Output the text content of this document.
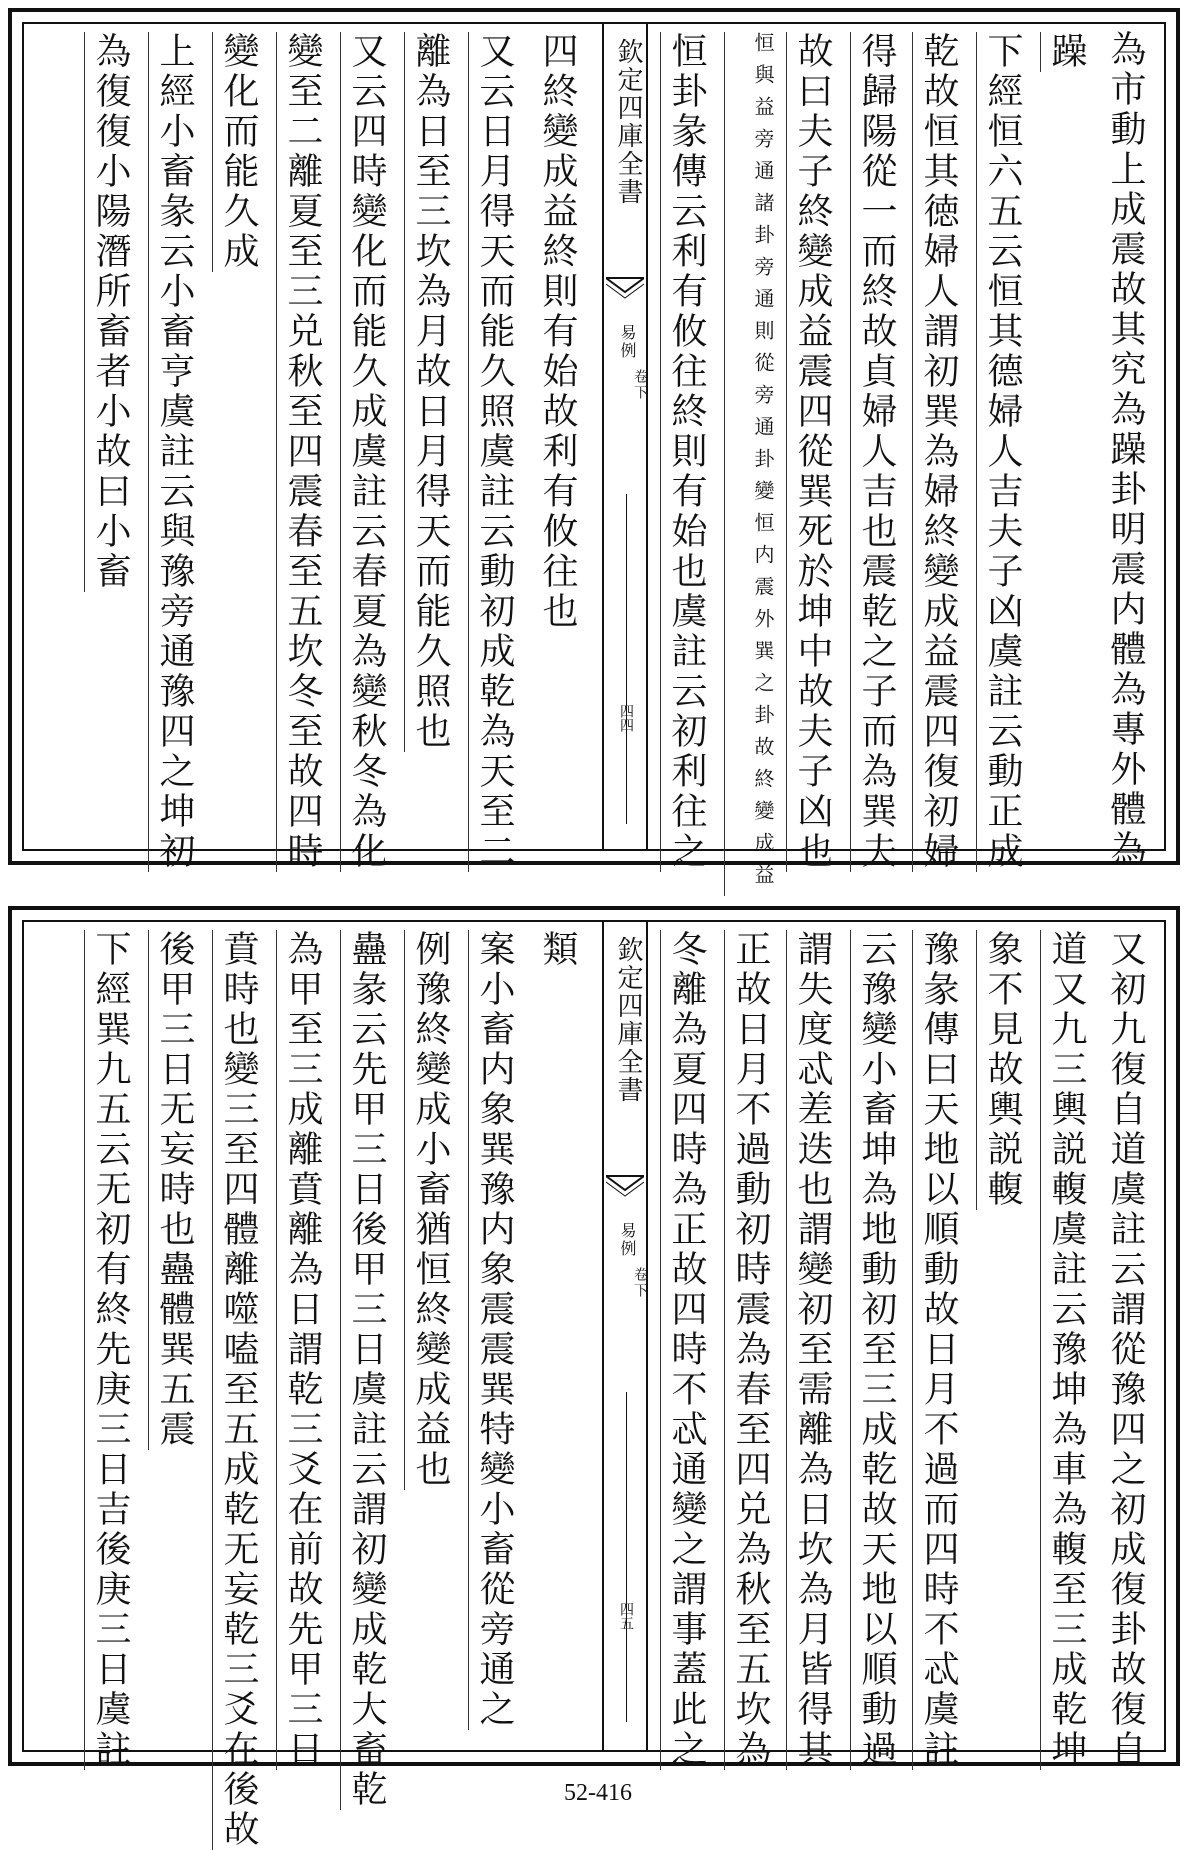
為市動上成震故其究為躁卦明震内體為專外體為
躁
下經恒六五云恒其德婦人吉夫子凶虞註云動正成
乾故恒其徳婦人謂初巽為婦終變成益震四復初婦
得歸陽從一而終故貞婦人吉也震乾之子而為巽夫
故曰夫子終變成益震四從巽死於坤中故夫子凶也
恒與益旁通諸卦旁通則從旁通卦變恒内震外巽之卦故終變成益
恒卦彖傳云利有攸往終則有始也虞註云初利往之
欽定四庫全書
易例
卷下
四四
四終變成益終則有始故利有攸往也
又云日月得天而能久照虞註云動初成乾為天至二
離為日至三坎為月故日月得天而能久照也
又云四時變化而能久成虞註云春夏為變秋冬為化
變至二離夏至三兑秋至四震春至五坎冬至故四時
變化而能久成
上經小畜彖云小畜亨虞註云與豫旁通豫四之坤初
為復復小陽潛所畜者小故曰小畜
又初九復自道虞註云謂從豫四之初成復卦故復自
道又九三輿説輹虞註云豫坤為車為輹至三成乾坤
象不見故輿説輹
豫彖傳曰天地以順動故日月不過而四時不忒虞註
云豫變小畜坤為地動初至三成乾故天地以順動過
謂失度忒差迭也謂變初至需離為日坎為月皆得其
正故日月不過動初時震為春至四兑為秋至五坎為
冬離為夏四時為正故四時不忒通變之謂事蓋此之
欽定四庫全書
易例
卷下
四五
類
案小畜内象巽豫内象震震巽特變小畜從旁通之
例豫終變成小畜猶恒終變成益也
蠱彖云先甲三日後甲三日虞註云謂初變成乾大畜乾
為甲至三成離賁離為日謂乾三爻在前故先甲三日
賁時也變三至四體離噬嗑至五成乾无妄乾三爻在後故
後甲三日无妄時也蠱體巽五震
下經巽九五云无初有終先庚三日吉後庚三日虞註
52-416
